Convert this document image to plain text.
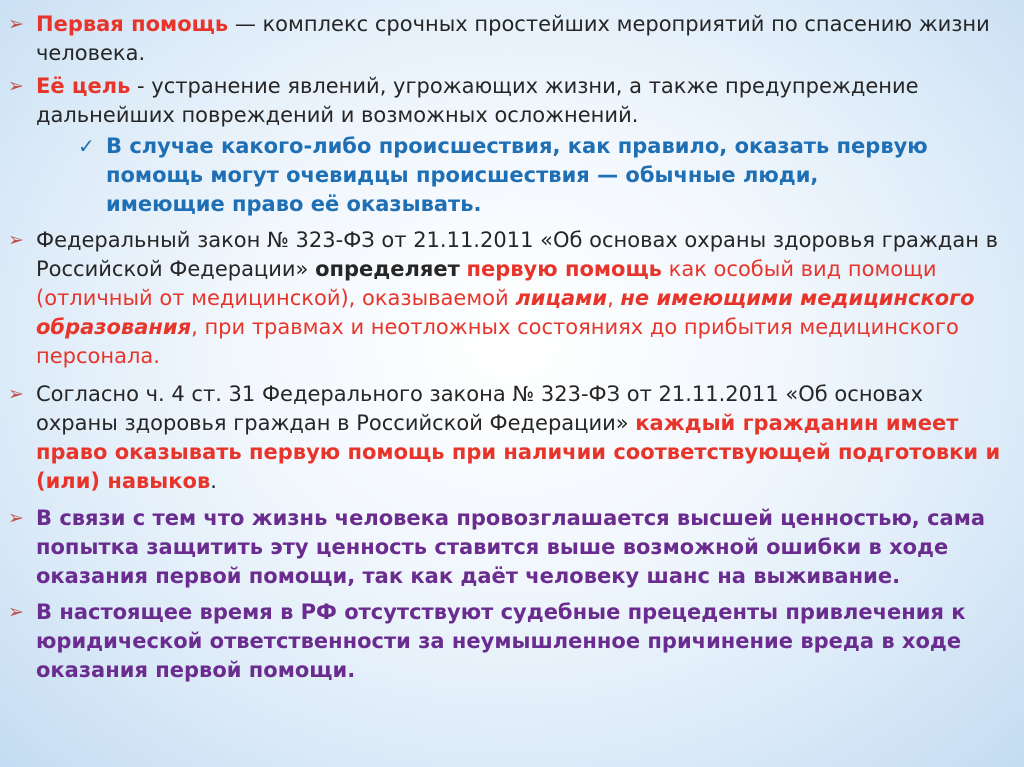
➢ Первая помощь — комплекс срочных простейших мероприятий по спасению жизни человека.
➢ Её цель - устранение явлений, угрожающих жизни, а также предупреждение дальнейших повреждений и возможных осложнений.
✓ В случае какого-либо происшествия, как правило, оказать первую помощь могут очевидцы происшествия — обычные люди, имеющие право её оказывать.
➢ Федеральный закон № 323-ФЗ от 21.11.2011 «Об основах охраны здоровья граждан в Российской Федерации» определяет первую помощь как особый вид помощи (отличный от медицинской), оказываемой лицами, не имеющими медицинского образования, при травмах и неотложных состояниях до прибытия медицинского персонала.
➢ Согласно ч. 4 ст. 31 Федерального закона № 323-ФЗ от 21.11.2011 «Об основах охраны здоровья граждан в Российской Федерации» каждый гражданин имеет право оказывать первую помощь при наличии соответствующей подготовки и (или) навыков.
➢ В связи с тем что жизнь человека провозглашается высшей ценностью, сама попытка защитить эту ценность ставится выше возможной ошибки в ходе оказания первой помощи, так как даёт человеку шанс на выживание.
➢ В настоящее время в РФ отсутствуют судебные прецеденты привлечения к юридической ответственности за неумышленное причинение вреда в ходе оказания первой помощи.
